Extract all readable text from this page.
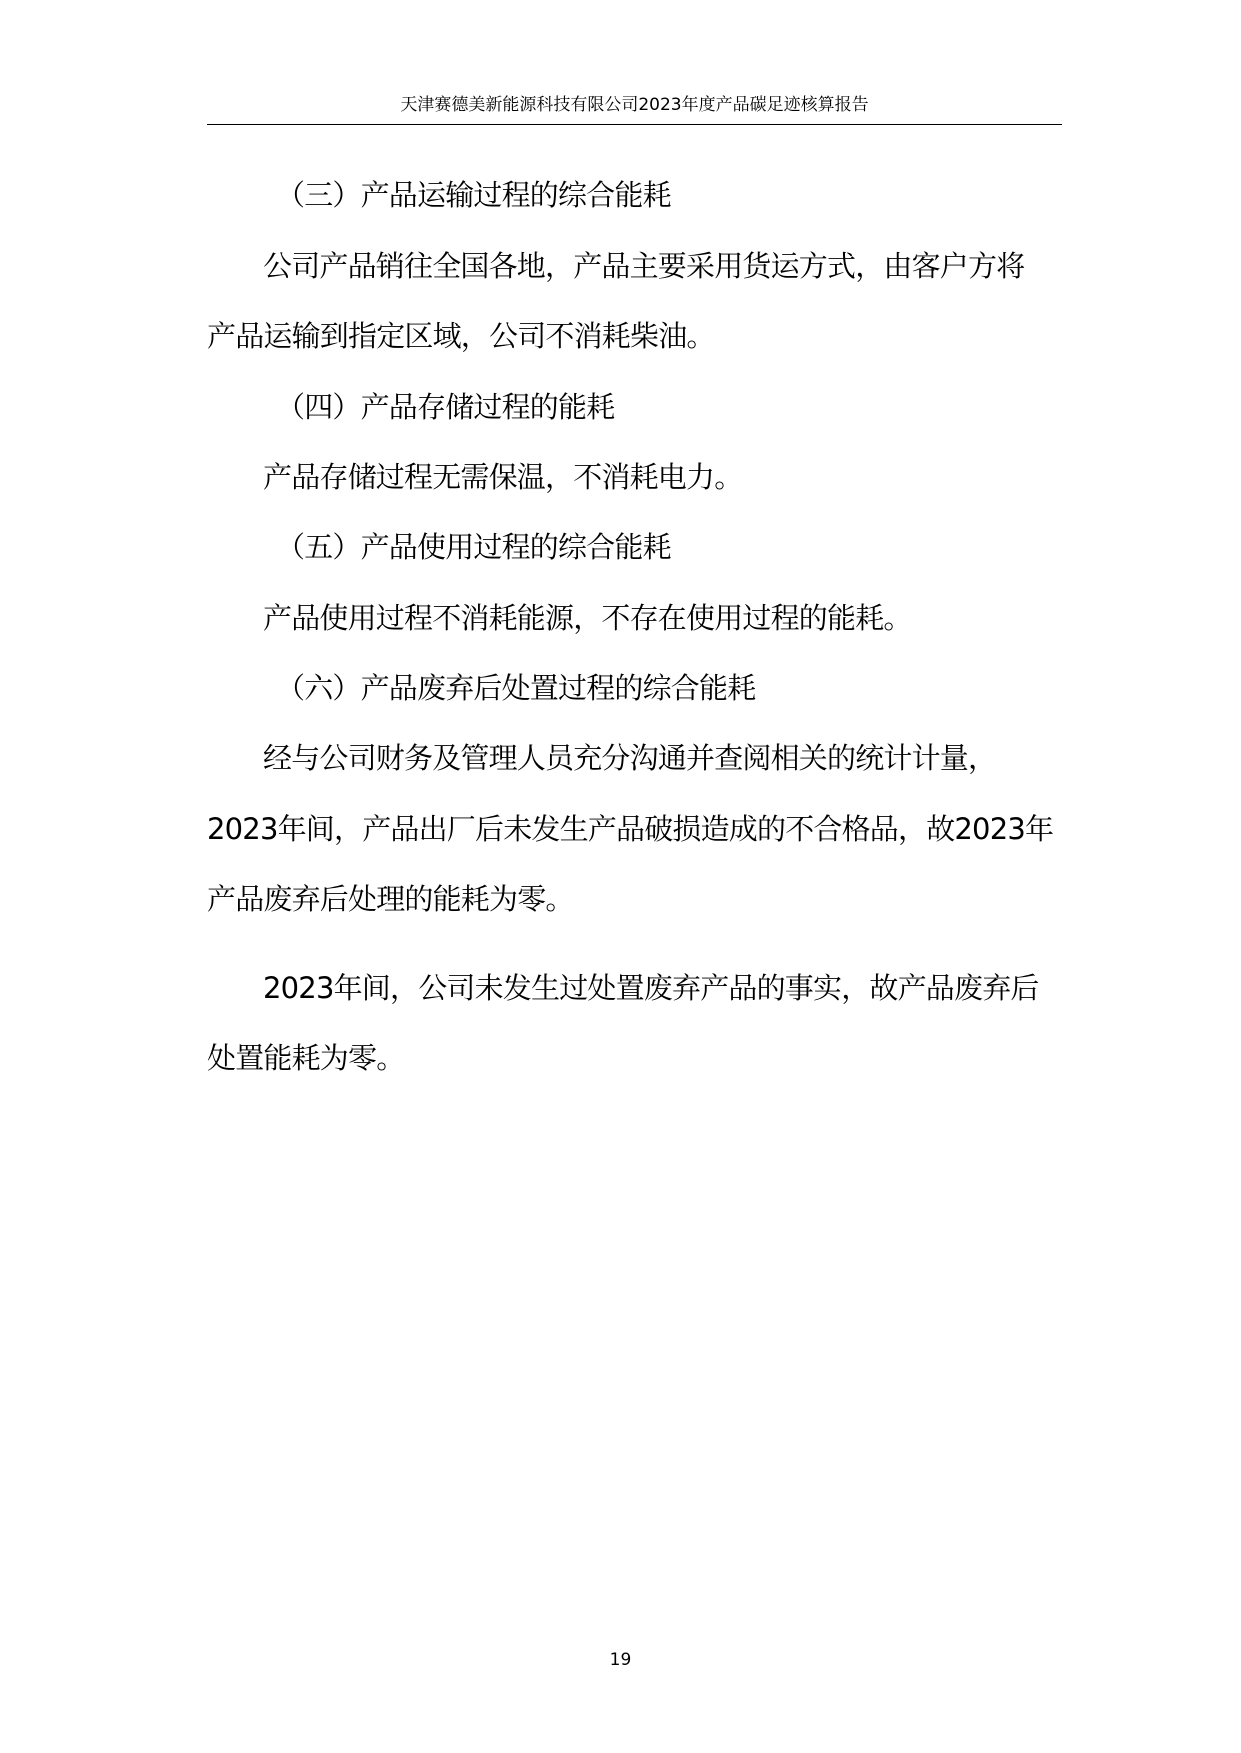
天津赛德美新能源科技有限公司2023年度产品碳足迹核算报告
（三）产品运输过程的综合能耗
公司产品销往全国各地，产品主要采用货运方式，由客户方将
产品运输到指定区域，公司不消耗柴油。
（四）产品存储过程的能耗
产品存储过程无需保温，不消耗电力。
（五）产品使用过程的综合能耗
产品使用过程不消耗能源，不存在使用过程的能耗。
（六）产品废弃后处置过程的综合能耗
经与公司财务及管理人员充分沟通并查阅相关的统计计量，
2023年间，产品出厂后未发生产品破损造成的不合格品，故2023年
产品废弃后处理的能耗为零。
2023年间，公司未发生过处置废弃产品的事实，故产品废弃后
处置能耗为零。
19
